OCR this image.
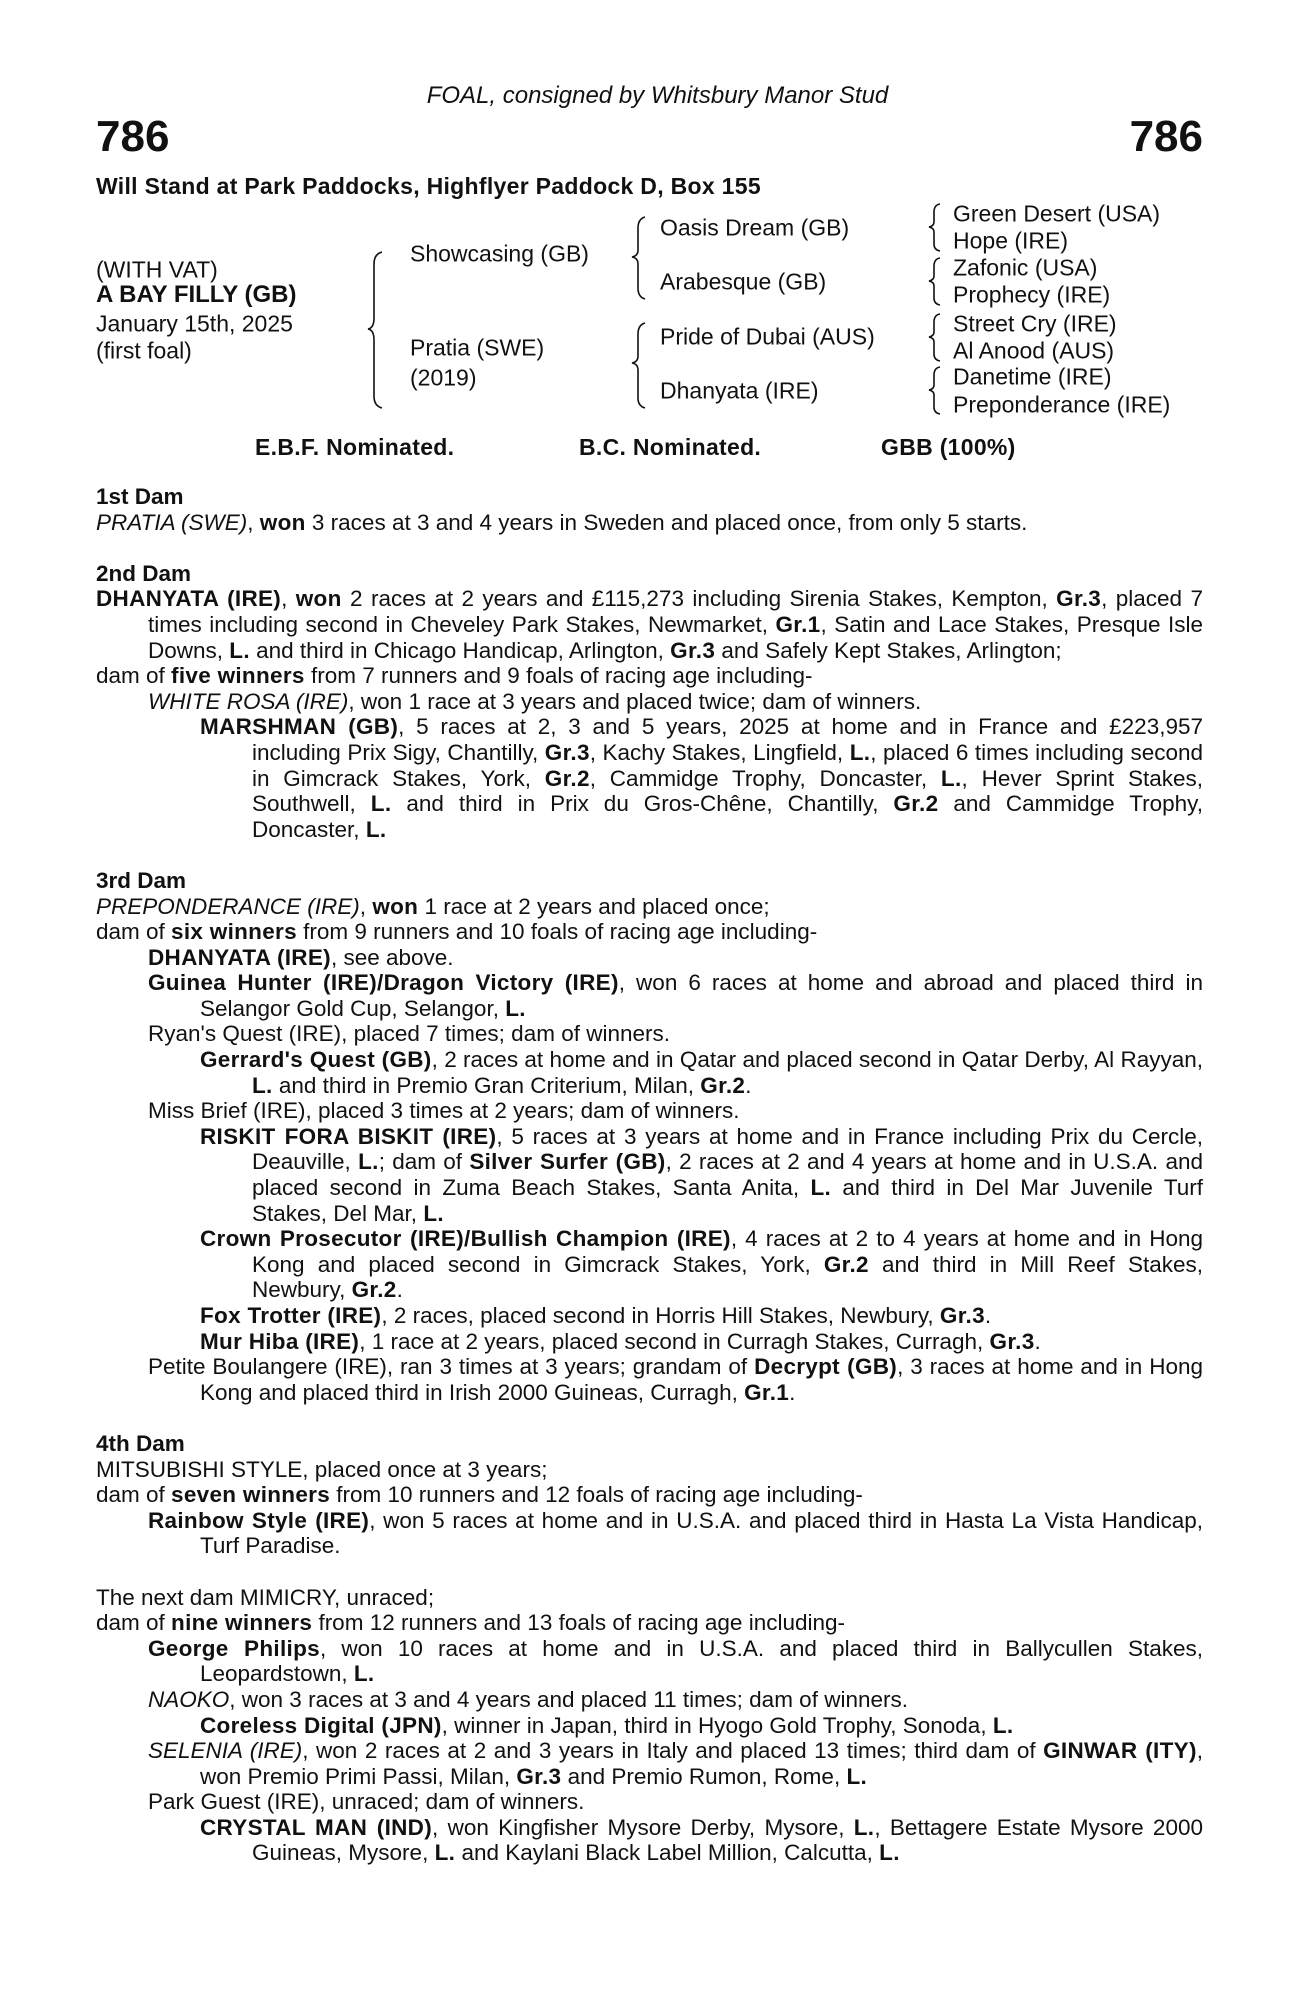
FOAL, consigned by Whitsbury Manor Stud
786	786
Will Stand at Park Paddocks, Highflyer Paddock D, Box 155
(WITH VAT)
A BAY FILLY (GB)
January 15th, 2025
(first foal)
Showcasing (GB)
Pratia (SWE)
(2019)
Oasis Dream (GB)
Arabesque (GB)
Pride of Dubai (AUS)
Dhanyata (IRE)
Green Desert (USA)
Hope (IRE)
Zafonic (USA)
Prophecy (IRE)
Street Cry (IRE)
Al Anood (AUS)
Danetime (IRE)
Preponderance (IRE)
E.B.F. Nominated.	B.C. Nominated.	GBB (100%)
1st Dam
PRATIA (SWE), won 3 races at 3 and 4 years in Sweden and placed once, from only 5 starts.
2nd Dam
DHANYATA (IRE), won 2 races at 2 years and £115,273 including Sirenia Stakes, Kempton, Gr.3, placed 7 times including second in Cheveley Park Stakes, Newmarket, Gr.1, Satin and Lace Stakes, Presque Isle Downs, L. and third in Chicago Handicap, Arlington, Gr.3 and Safely Kept Stakes, Arlington;
dam of five winners from 7 runners and 9 foals of racing age including-
WHITE ROSA (IRE), won 1 race at 3 years and placed twice; dam of winners.
MARSHMAN (GB), 5 races at 2, 3 and 5 years, 2025 at home and in France and £223,957 including Prix Sigy, Chantilly, Gr.3, Kachy Stakes, Lingfield, L., placed 6 times including second in Gimcrack Stakes, York, Gr.2, Cammidge Trophy, Doncaster, L., Hever Sprint Stakes, Southwell, L. and third in Prix du Gros-Chêne, Chantilly, Gr.2 and Cammidge Trophy, Doncaster, L.
3rd Dam
PREPONDERANCE (IRE), won 1 race at 2 years and placed once;
dam of six winners from 9 runners and 10 foals of racing age including-
DHANYATA (IRE), see above.
Guinea Hunter (IRE)/Dragon Victory (IRE), won 6 races at home and abroad and placed third in Selangor Gold Cup, Selangor, L.
Ryan's Quest (IRE), placed 7 times; dam of winners.
Gerrard's Quest (GB), 2 races at home and in Qatar and placed second in Qatar Derby, Al Rayyan, L. and third in Premio Gran Criterium, Milan, Gr.2.
Miss Brief (IRE), placed 3 times at 2 years; dam of winners.
RISKIT FORA BISKIT (IRE), 5 races at 3 years at home and in France including Prix du Cercle, Deauville, L.; dam of Silver Surfer (GB), 2 races at 2 and 4 years at home and in U.S.A. and placed second in Zuma Beach Stakes, Santa Anita, L. and third in Del Mar Juvenile Turf Stakes, Del Mar, L.
Crown Prosecutor (IRE)/Bullish Champion (IRE), 4 races at 2 to 4 years at home and in Hong Kong and placed second in Gimcrack Stakes, York, Gr.2 and third in Mill Reef Stakes, Newbury, Gr.2.
Fox Trotter (IRE), 2 races, placed second in Horris Hill Stakes, Newbury, Gr.3.
Mur Hiba (IRE), 1 race at 2 years, placed second in Curragh Stakes, Curragh, Gr.3.
Petite Boulangere (IRE), ran 3 times at 3 years; grandam of Decrypt (GB), 3 races at home and in Hong Kong and placed third in Irish 2000 Guineas, Curragh, Gr.1.
4th Dam
MITSUBISHI STYLE, placed once at 3 years;
dam of seven winners from 10 runners and 12 foals of racing age including-
Rainbow Style (IRE), won 5 races at home and in U.S.A. and placed third in Hasta La Vista Handicap, Turf Paradise.
The next dam MIMICRY, unraced;
dam of nine winners from 12 runners and 13 foals of racing age including-
George Philips, won 10 races at home and in U.S.A. and placed third in Ballycullen Stakes, Leopardstown, L.
NAOKO, won 3 races at 3 and 4 years and placed 11 times; dam of winners.
Coreless Digital (JPN), winner in Japan, third in Hyogo Gold Trophy, Sonoda, L.
SELENIA (IRE), won 2 races at 2 and 3 years in Italy and placed 13 times; third dam of GINWAR (ITY), won Premio Primi Passi, Milan, Gr.3 and Premio Rumon, Rome, L.
Park Guest (IRE), unraced; dam of winners.
CRYSTAL MAN (IND), won Kingfisher Mysore Derby, Mysore, L., Bettagere Estate Mysore 2000 Guineas, Mysore, L. and Kaylani Black Label Million, Calcutta, L.
